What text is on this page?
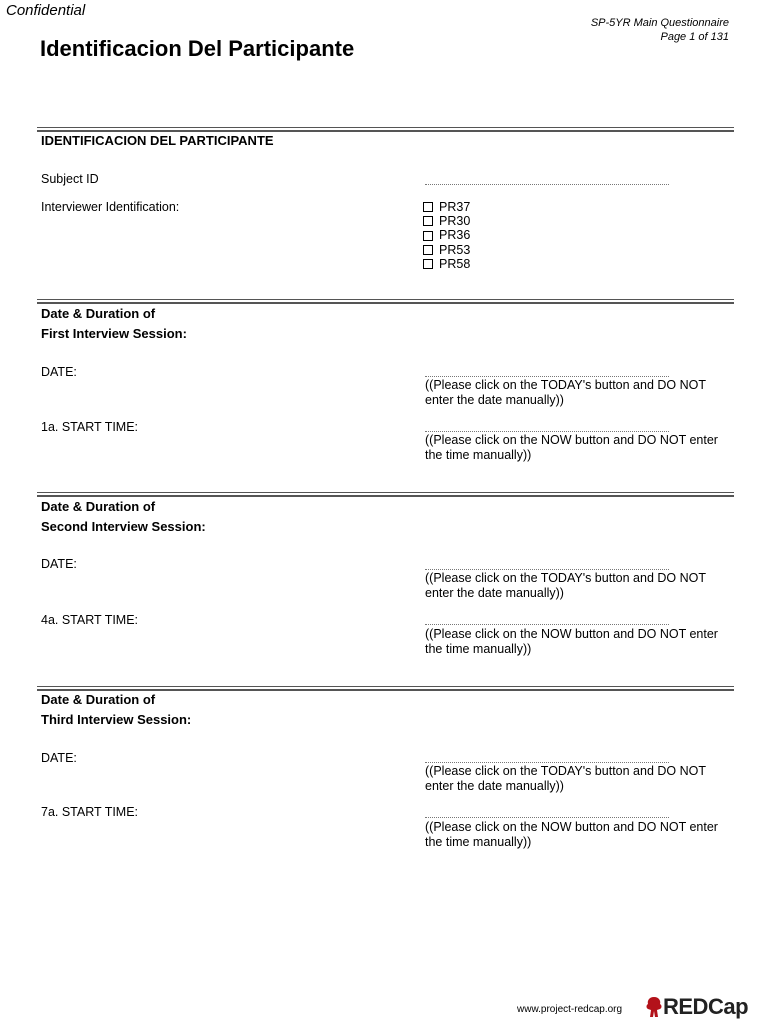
Confidential
SP-5YR Main Questionnaire
Page 1 of 131
Identificacion Del Participante
IDENTIFICACION DEL PARTICIPANTE
Subject ID
Interviewer Identification:	PR37
PR30
PR36
PR53
PR58
Date & Duration of
First Interview Session:
DATE:
((Please click on the TODAY's button and DO NOT enter the date manually))
1a. START TIME:
((Please click on the NOW button and DO NOT enter the time manually))
Date & Duration of
Second Interview Session:
DATE:
((Please click on the TODAY's button and DO NOT enter the date manually))
4a. START TIME:
((Please click on the NOW button and DO NOT enter the time manually))
Date & Duration of
Third Interview Session:
DATE:
((Please click on the TODAY's button and DO NOT enter the date manually))
7a. START TIME:
((Please click on the NOW button and DO NOT enter the time manually))
www.project-redcap.org REDCap
